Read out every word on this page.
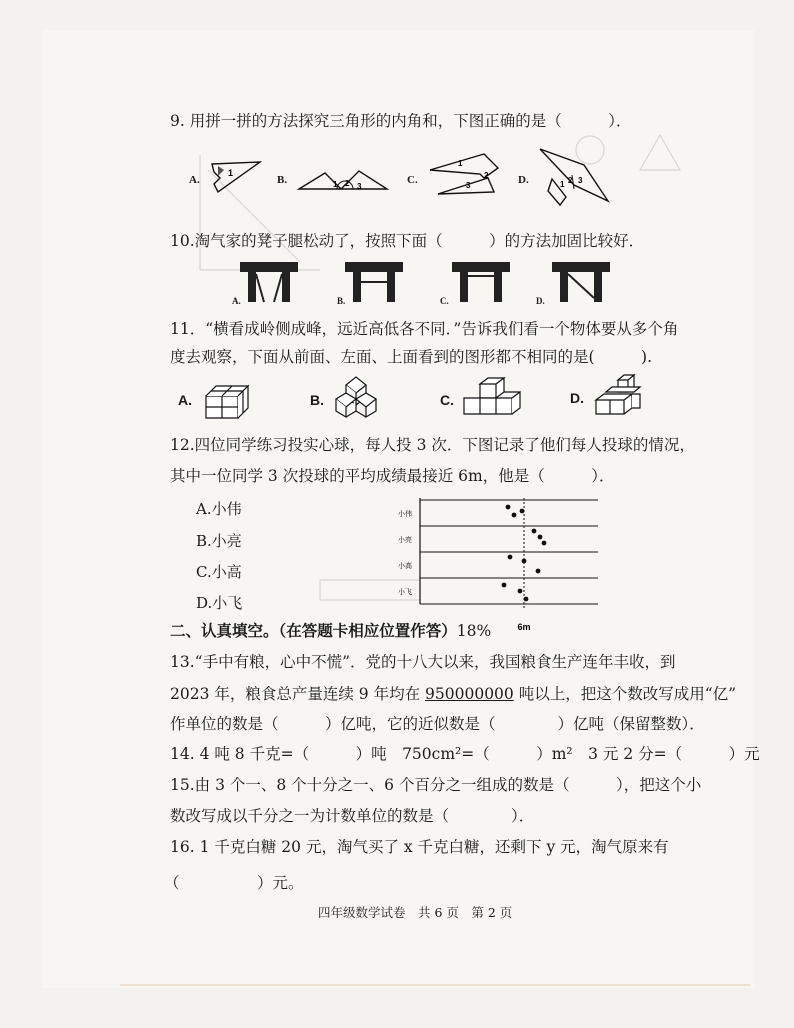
9. 用拼一拼的方法探究三角形的内角和，下图正确的是（　　　）．
A.
1
B.	1 2 3
C.
1
2
3	D.	1 2 3
10.淘气家的凳子腿松动了，按照下面（　　　）的方法加固比较好．
A.	B.	C.	D.
11．“横看成岭侧成峰，远近高低各不同．”告诉我们看一个物体要从多个角
度去观察，下面从前面、左面、上面看到的图形都不相同的是(　　　).
A.	B.	C.	D.
12.四位同学练习投实心球，每人投 3 次．下图记录了他们每人投球的情况，
其中一位同学 3 次投球的平均成绩最接近 6m，他是（　　　）．
A.小伟
B.小亮
C.小高
D.小飞
小伟
小亮
小高
小飞
6m
二、认真填空。（在答题卡相应位置作答）18%
13.“手中有粮，心中不慌”．党的十八大以来，我国粮食生产连年丰收，到
2023 年，粮食总产量连续 9 年均在 950000000 吨以上，把这个数改写成用“亿”
作单位的数是（　　　）亿吨，它的近似数是（　　　　）亿吨（保留整数）．
14. 4 吨 8 千克=（　　　）吨　750cm²=（　　　）m²　3 元 2 分=（　　　）元
15.由 3 个一、8 个十分之一、6 个百分之一组成的数是（　　　），把这个小
数改写成以千分之一为计数单位的数是（　　　　）．
16. 1 千克白糖 20 元，淘气买了 x 千克白糖，还剩下 y 元，淘气原来有
（　　　　　）元。
四年级数学试卷　共 6 页　第 2 页
